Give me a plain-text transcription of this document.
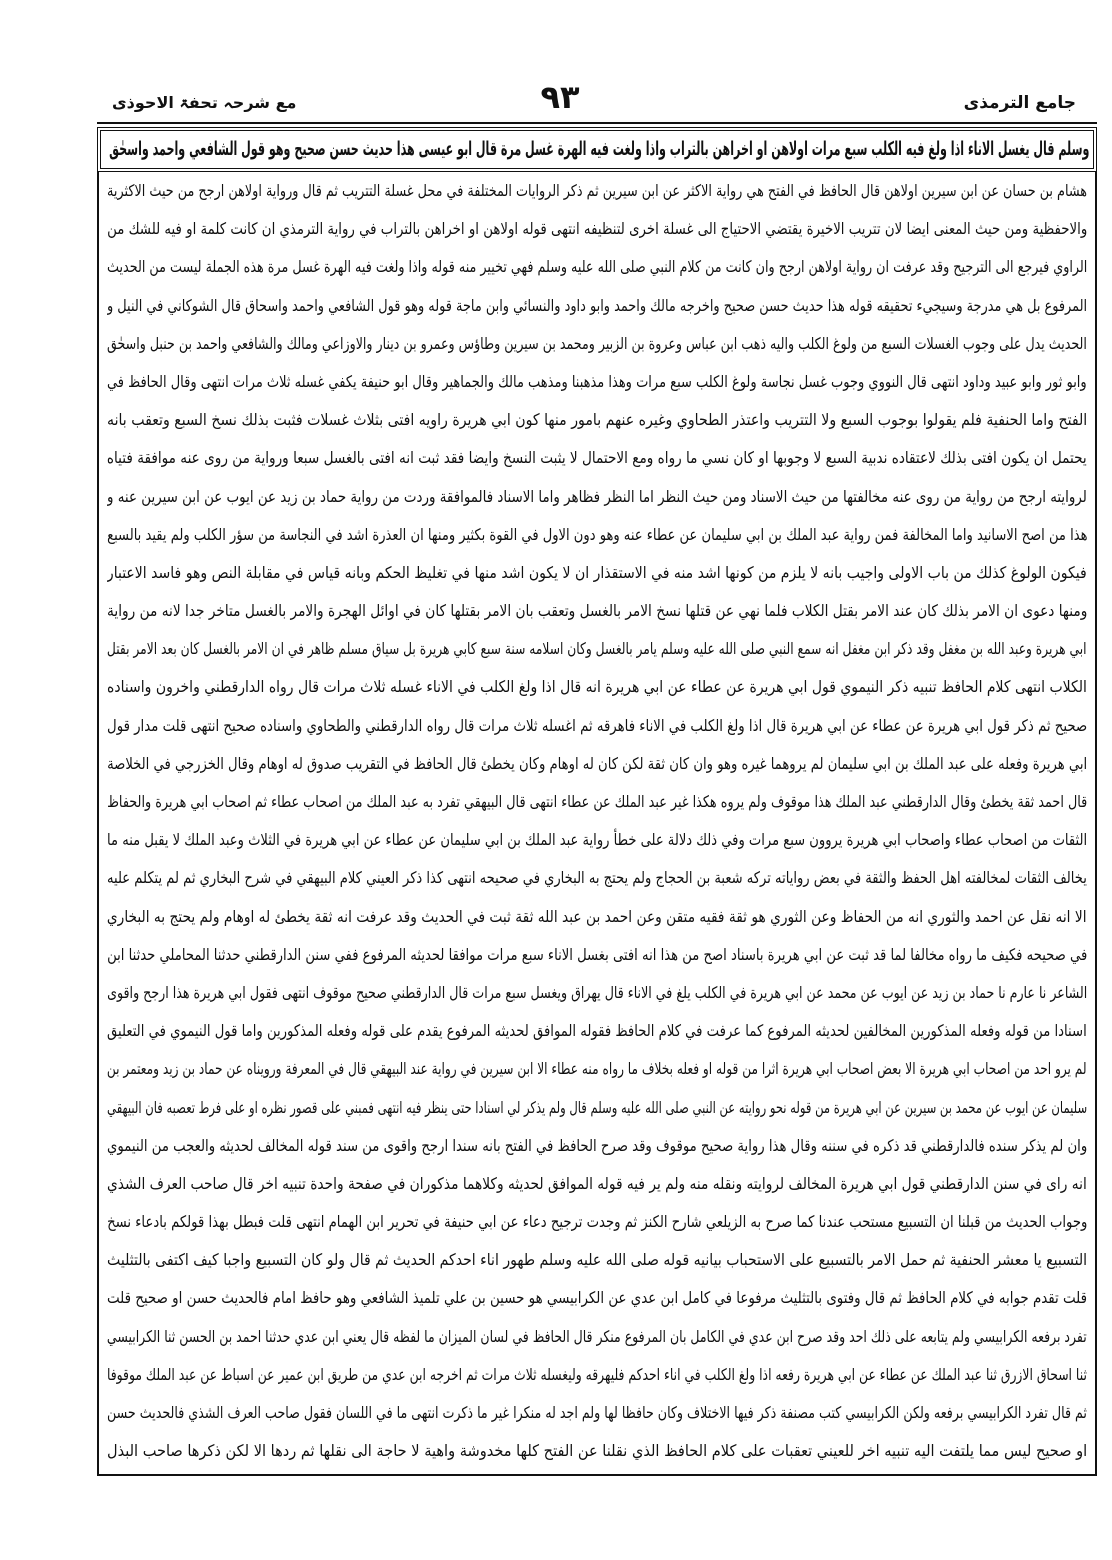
جامع الترمذی
۹۳
مع شرحہ تحفۃ الاحوذی
وسلم قال يغسل الاناء اذا ولغ فيه الكلب سبع مرات اولاهن او اخراهن بالتراب واذا ولغت فيه الهرة غسل مرة قال ابو عيسى هذا حديث حسن صحيح وهو قول الشافعي واحمد واسحٰق
هشام بن حسان عن ابن سيرين اولاهن قال الحافظ في الفتح هي رواية الاكثر عن ابن سيرين ثم ذكر الروايات المختلفة في محل غسلة التتريب ثم قال ورواية اولاهن ارجح من حيث الاكثرية
والاحفظية ومن حيث المعنى ايضا لان تتريب الاخيرة يقتضي الاحتياج الى غسلة اخرى لتنظيفه انتهى قوله اولاهن او اخراهن بالتراب في رواية الترمذي ان كانت كلمة او فيه للشك من
الراوي فيرجع الى الترجيح وقد عرفت ان رواية اولاهن ارجح وان كانت من كلام النبي صلى الله عليه وسلم فهي تخيير منه قوله واذا ولغت فيه الهرة غسل مرة هذه الجملة ليست من الحديث
المرفوع بل هي مدرجة وسيجيء تحقيقه قوله هذا حديث حسن صحيح واخرجه مالك واحمد وابو داود والنسائي وابن ماجة قوله وهو قول الشافعي واحمد واسحاق قال الشوكاني في النيل و
الحديث يدل على وجوب الغسلات السبع من ولوغ الكلب واليه ذهب ابن عباس وعروة بن الزبير ومحمد بن سيرين وطاؤس وعمرو بن دينار والاوزاعي ومالك والشافعي واحمد بن حنبل واسحٰق
وابو ثور وابو عبيد وداود انتهى قال النووي وجوب غسل نجاسة ولوغ الكلب سبع مرات وهذا مذهبنا ومذهب مالك والجماهير وقال ابو حنيفة يكفي غسله ثلاث مرات انتهى وقال الحافظ في
الفتح واما الحنفية فلم يقولوا بوجوب السبع ولا التتريب واعتذر الطحاوي وغيره عنهم بامور منها كون ابي هريرة راويه افتى بثلاث غسلات فثبت بذلك نسخ السبع وتعقب بانه
يحتمل ان يكون افتى بذلك لاعتقاده ندبية السبع لا وجوبها او كان نسي ما رواه ومع الاحتمال لا يثبت النسخ وايضا فقد ثبت انه افتى بالغسل سبعا ورواية من روى عنه موافقة فتياه
لروايته ارجح من رواية من روى عنه مخالفتها من حيث الاسناد ومن حيث النظر اما النظر فظاهر واما الاسناد فالموافقة وردت من رواية حماد بن زيد عن ايوب عن ابن سيرين عنه و
هذا من اصح الاسانيد واما المخالفة فمن رواية عبد الملك بن ابي سليمان عن عطاء عنه وهو دون الاول في القوة بكثير ومنها ان العذرة اشد في النجاسة من سؤر الكلب ولم يقيد بالسبع
فيكون الولوغ كذلك من باب الاولى واجيب بانه لا يلزم من كونها اشد منه في الاستقذار ان لا يكون اشد منها في تغليظ الحكم وبانه قياس في مقابلة النص وهو فاسد الاعتبار
ومنها دعوى ان الامر بذلك كان عند الامر بقتل الكلاب فلما نهي عن قتلها نسخ الامر بالغسل وتعقب بان الامر بقتلها كان في اوائل الهجرة والامر بالغسل متاخر جدا لانه من رواية
ابي هريرة وعبد الله بن مغفل وقد ذكر ابن مغفل انه سمع النبي صلى الله عليه وسلم يامر بالغسل وكان اسلامه سنة سبع كابي هريرة بل سياق مسلم ظاهر في ان الامر بالغسل كان بعد الامر بقتل
الكلاب انتهى كلام الحافظ تنبيه ذكر النيموي قول ابي هريرة عن عطاء عن ابي هريرة انه قال اذا ولغ الكلب في الاناء غسله ثلاث مرات قال رواه الدارقطني واخرون واسناده
صحيح ثم ذكر قول ابي هريرة عن عطاء عن ابي هريرة قال اذا ولغ الكلب في الاناء فاهرقه ثم اغسله ثلاث مرات قال رواه الدارقطني والطحاوي واسناده صحيح انتهى قلت مدار قول
ابي هريرة وفعله على عبد الملك بن ابي سليمان لم يروهما غيره وهو وان كان ثقة لكن كان له اوهام وكان يخطئ قال الحافظ في التقريب صدوق له اوهام وقال الخزرجي في الخلاصة
قال احمد ثقة يخطئ وقال الدارقطني عبد الملك هذا موقوف ولم يروه هكذا غير عبد الملك عن عطاء انتهى قال البيهقي تفرد به عبد الملك من اصحاب عطاء ثم اصحاب ابي هريرة والحفاظ
الثقات من اصحاب عطاء واصحاب ابي هريرة يروون سبع مرات وفي ذلك دلالة على خطأ رواية عبد الملك بن ابي سليمان عن عطاء عن ابي هريرة في الثلاث وعبد الملك لا يقبل منه ما
يخالف الثقات لمخالفته اهل الحفظ والثقة في بعض رواياته تركه شعبة بن الحجاج ولم يحتج به البخاري في صحيحه انتهى كذا ذكر العيني كلام البيهقي في شرح البخاري ثم لم يتكلم عليه
الا انه نقل عن احمد والثوري انه من الحفاظ وعن الثوري هو ثقة فقيه متقن وعن احمد بن عبد الله ثقة ثبت في الحديث وقد عرفت انه ثقة يخطئ له اوهام ولم يحتج به البخاري
في صحيحه فكيف ما رواه مخالفا لما قد ثبت عن ابي هريرة باسناد اصح من هذا انه افتى بغسل الاناء سبع مرات موافقا لحديثه المرفوع ففي سنن الدارقطني حدثنا المحاملي حدثنا ابن
الشاعر نا عارم نا حماد بن زيد عن ايوب عن محمد عن ابي هريرة في الكلب يلغ في الاناء قال يهراق ويغسل سبع مرات قال الدارقطني صحيح موقوف انتهى فقول ابي هريرة هذا ارجح واقوى
اسنادا من قوله وفعله المذكورين المخالفين لحديثه المرفوع كما عرفت في كلام الحافظ فقوله الموافق لحديثه المرفوع يقدم على قوله وفعله المذكورين واما قول النيموي في التعليق
لم يرو احد من اصحاب ابي هريرة الا بعض اصحاب ابي هريرة اثرا من قوله او فعله بخلاف ما رواه منه عطاء الا ابن سيرين في رواية عند البيهقي قال في المعرفة ورويناه عن حماد بن زيد ومعتمر بن
سليمان عن ايوب عن محمد بن سيرين عن ابي هريرة من قوله نحو روايته عن النبي صلى الله عليه وسلم قال ولم يذكر لي اسنادا حتى ينظر فيه انتهى فمبني على قصور نظره او على فرط تعصبه فان البيهقي
وان لم يذكر سنده فالدارقطني قد ذكره في سننه وقال هذا رواية صحيح موقوف وقد صرح الحافظ في الفتح بانه سندا ارجح واقوى من سند قوله المخالف لحديثه والعجب من النيموي
انه راى في سنن الدارقطني قول ابي هريرة المخالف لروايته ونقله منه ولم ير فيه قوله الموافق لحديثه وكلاهما مذكوران في صفحة واحدة تنبيه اخر قال صاحب العرف الشذي
وجواب الحديث من قبلنا ان التسبيع مستحب عندنا كما صرح به الزيلعي شارح الكنز ثم وجدت ترجيح دعاء عن ابي حنيفة في تحرير ابن الهمام انتهى قلت فبطل بهذا قولكم بادعاء نسخ
التسبيع يا معشر الحنفية ثم حمل الامر بالتسبيع على الاستحباب بيانيه قوله صلى الله عليه وسلم طهور اناء احدكم الحديث ثم قال ولو كان التسبيع واجبا كيف اكتفى بالتثليث
قلت تقدم جوابه في كلام الحافظ ثم قال وفتوى بالتثليث مرفوعا في كامل ابن عدي عن الكرابيسي هو حسين بن علي تلميذ الشافعي وهو حافظ امام فالحديث حسن او صحيح قلت
تفرد برفعه الكرابيسي ولم يتابعه على ذلك احد وقد صرح ابن عدي في الكامل بان المرفوع منكر قال الحافظ في لسان الميزان ما لفظه قال يعني ابن عدي حدثنا احمد بن الحسن ثنا الكرابيسي
ثنا اسحاق الازرق ثنا عبد الملك عن عطاء عن ابي هريرة رفعه اذا ولغ الكلب في اناء احدكم فليهرقه وليغسله ثلاث مرات ثم اخرجه ابن عدي من طريق ابن عمير عن اسباط عن عبد الملك موقوفا
ثم قال تفرد الكرابيسي برفعه ولكن الكرابيسي كتب مصنفة ذكر فيها الاختلاف وكان حافظا لها ولم اجد له منكرا غير ما ذكرت انتهى ما في اللسان فقول صاحب العرف الشذي فالحديث حسن
او صحيح ليس مما يلتفت اليه تنبيه اخر للعيني تعقبات على كلام الحافظ الذي نقلنا عن الفتح كلها مخدوشة واهية لا حاجة الى نقلها ثم ردها الا لكن ذكرها صاحب البذل
